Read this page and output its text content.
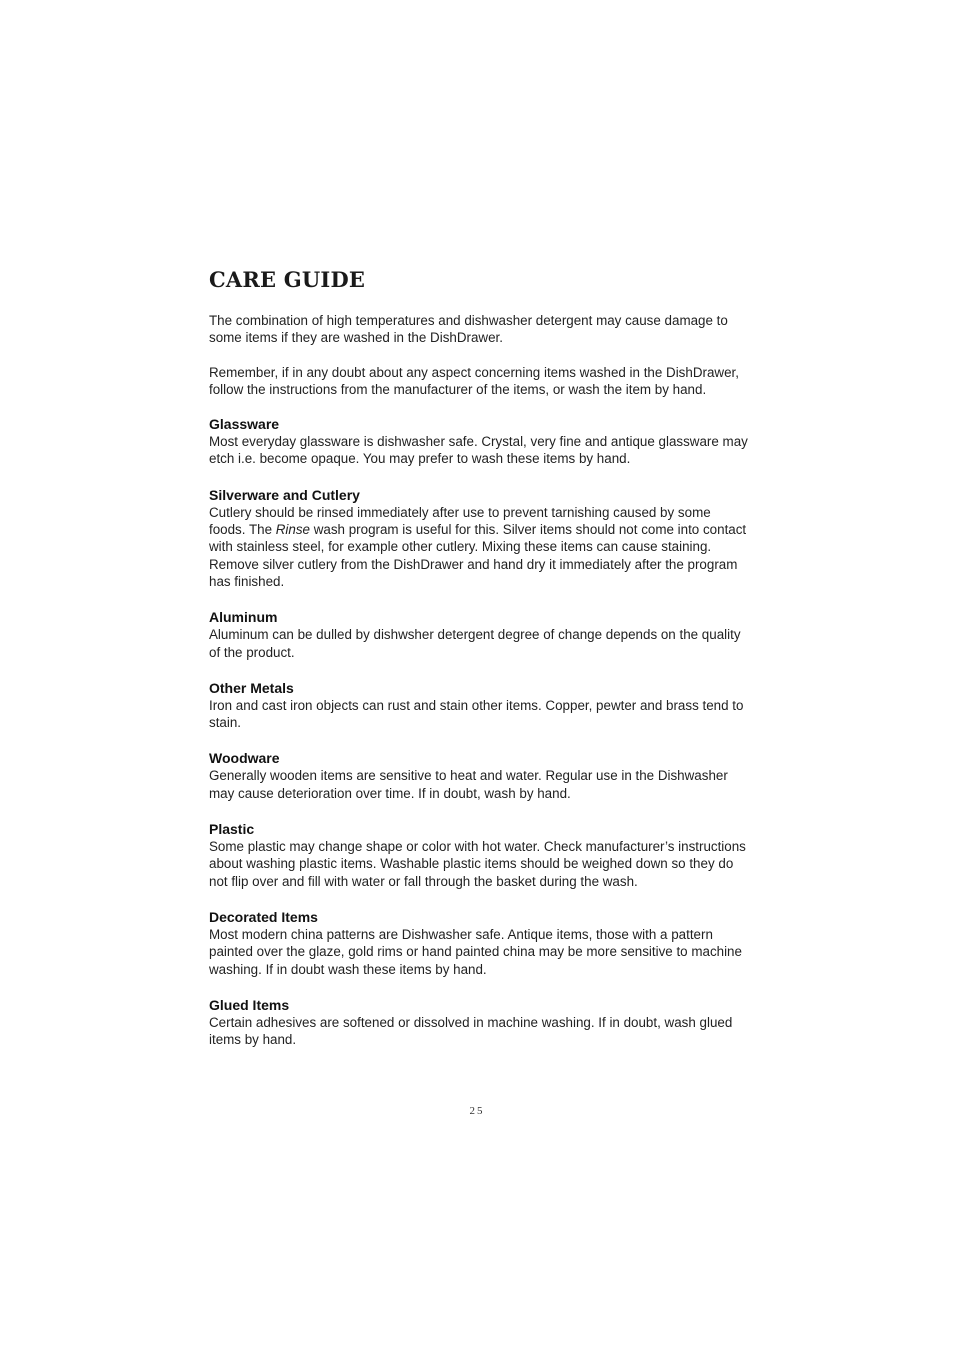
CARE GUIDE

The combination of high temperatures and dishwasher detergent may cause damage to some items if they are washed in the DishDrawer.

Remember, if in any doubt about any aspect concerning items washed in the DishDrawer, follow the instructions from the manufacturer of the items, or wash the item by hand.

Glassware

Most everyday glassware is dishwasher safe. Crystal, very fine and antique glassware may etch i.e. become opaque. You may prefer to wash these items by hand.

Silverware and Cutlery

Cutlery should be rinsed immediately after use to prevent tarnishing caused by some foods. The Rinse wash program is useful for this. Silver items should not come into contact with stainless steel, for example other cutlery. Mixing these items can cause staining. Remove silver cutlery from the DishDrawer and hand dry it immediately after the program has finished.

Aluminum

Aluminum can be dulled by dishwsher detergent degree of change depends on the quality of the product.

Other Metals

Iron and cast iron objects can rust and stain other items. Copper, pewter and brass tend to stain.

Woodware

Generally wooden items are sensitive to heat and water. Regular use in the Dishwasher may cause deterioration over time. If in doubt, wash by hand.

Plastic

Some plastic may change shape or color with hot water. Check manufacturer’s instructions about washing plastic items. Washable plastic items should be weighed down so they do not flip over and fill with water or fall through the basket during the wash.

Decorated Items

Most modern china patterns are Dishwasher safe. Antique items, those with a pattern painted over the glaze, gold rims or hand painted china may be more sensitive to machine washing. If in doubt wash these items by hand.

Glued Items

Certain adhesives are softened or dissolved in machine washing. If in doubt, wash glued items by hand.

25
